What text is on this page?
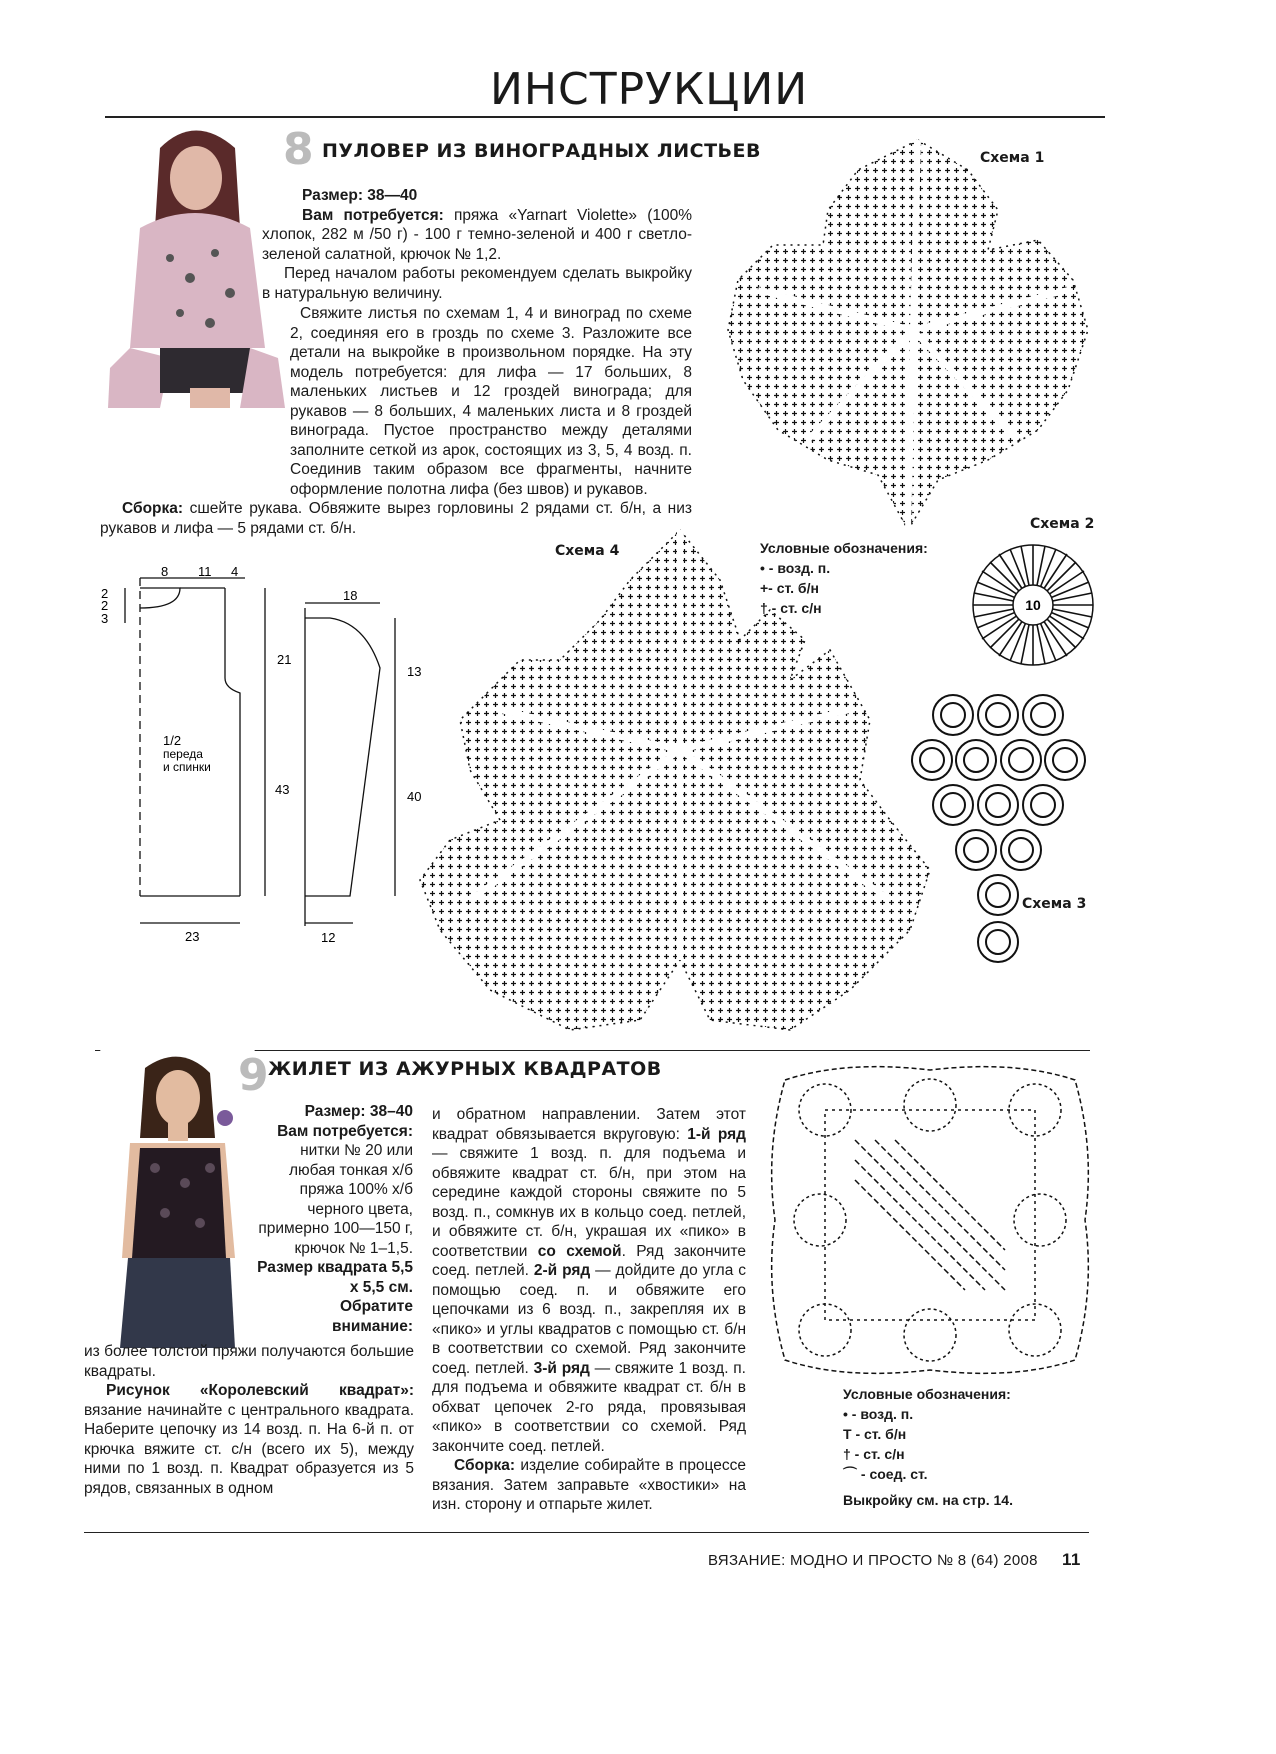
ИНСТРУКЦИИ
8 ПУЛОВЕР ИЗ ВИНОГРАДНЫХ ЛИСТЬЕВ

Размер: 38—40

Вам потребуется: пряжа «Yarnart Violette» (100% хлопок, 282 м /50 г) - 100 г темно-зеленой и 400 г светло-зеленой салатной, крючок № 1,2.

Перед началом работы рекомендуем сделать выкройку в натуральную величину.

Свяжите листья по схемам 1, 4 и виноград по схеме 2, соединяя его в гроздь по схеме 3. Разложите все детали на выкройке в произвольном порядке. На эту модель потребуется: для лифа — 17 больших, 8 маленьких листьев и 12 гроздей винограда; для рукавов — 8 больших, 4 маленьких листа и 8 гроздей винограда. Пустое пространство между деталями заполните сеткой из арок, состоящих из 3, 5, 4 возд. п. Соединив таким образом все фрагменты, начните оформление полотна лифа (без швов) и рукавов.

Сборка: сшейте рукава. Обвяжите вырез горловины 2 рядами ст. б/н, а низ рукавов и лифа — 5 рядами ст. б/н.

Схема 1
Условные обозначения:
• - возд. п.
+- ст. б/н
† - ст. с/н
Схема 2
10
Схема 3
Схема 4
8 11 4
2
2
3
21
43
23
18
13
40
12
1/2
переда
и спинки
9 ЖИЛЕТ ИЗ АЖУРНЫХ КВАДРАТОВ

Размер: 38–40

Вам потребуется: нитки № 20 или любая тонкая х/б пряжа 100% х/б черного цвета, примерно 100—150 г, крючок № 1–1,5.

Размер квадрата 5,5 х 5,5 см.

Обратите внимание:

из более толстой пряжи получаются большие квадраты.

Рисунок «Королевский квадрат»: вязание начинайте с центрального квадрата. Наберите цепочку из 14 возд. п. На 6-й п. от крючка вяжите ст. с/н (всего их 5), между ними по 1 возд. п. Квадрат образуется из 5 рядов, связанных в одном

и обратном направлении. Затем этот квадрат обвязывается вкруговую: 1-й ряд — свяжите 1 возд. п. для подъема и обвяжите квадрат ст. б/н, при этом на середине каждой стороны свяжите по 5 возд. п., сомкнув их в кольцо соед. петлей, и обвяжите ст. б/н, украшая их «пико» в соответствии со схемой. Ряд закончите соед. петлей. 2-й ряд — дойдите до угла с помощью соед. п. и обвяжите его цепочками из 6 возд. п., закрепляя их в «пико» и углы квадратов с помощью ст. б/н в соответствии со схемой. Ряд закончите соед. петлей. 3-й ряд — свяжите 1 возд. п. для подъема и обвяжите квадрат ст. б/н в обхват цепочек 2-го ряда, провязывая «пико» в соответствии со схемой. Ряд закончите соед. петлей.

Сборка: изделие собирайте в процессе вязания. Затем заправьте «хвостики» на изн. сторону и отпарьте жилет.

Условные обозначения:
• - возд. п.
T - ст. б/н
† - ст. с/н
⌒ - соед. ст.
Выкройку см. на стр. 14.
ВЯЗАНИЕ: МОДНО И ПРОСТО № 8 (64) 2008 11
